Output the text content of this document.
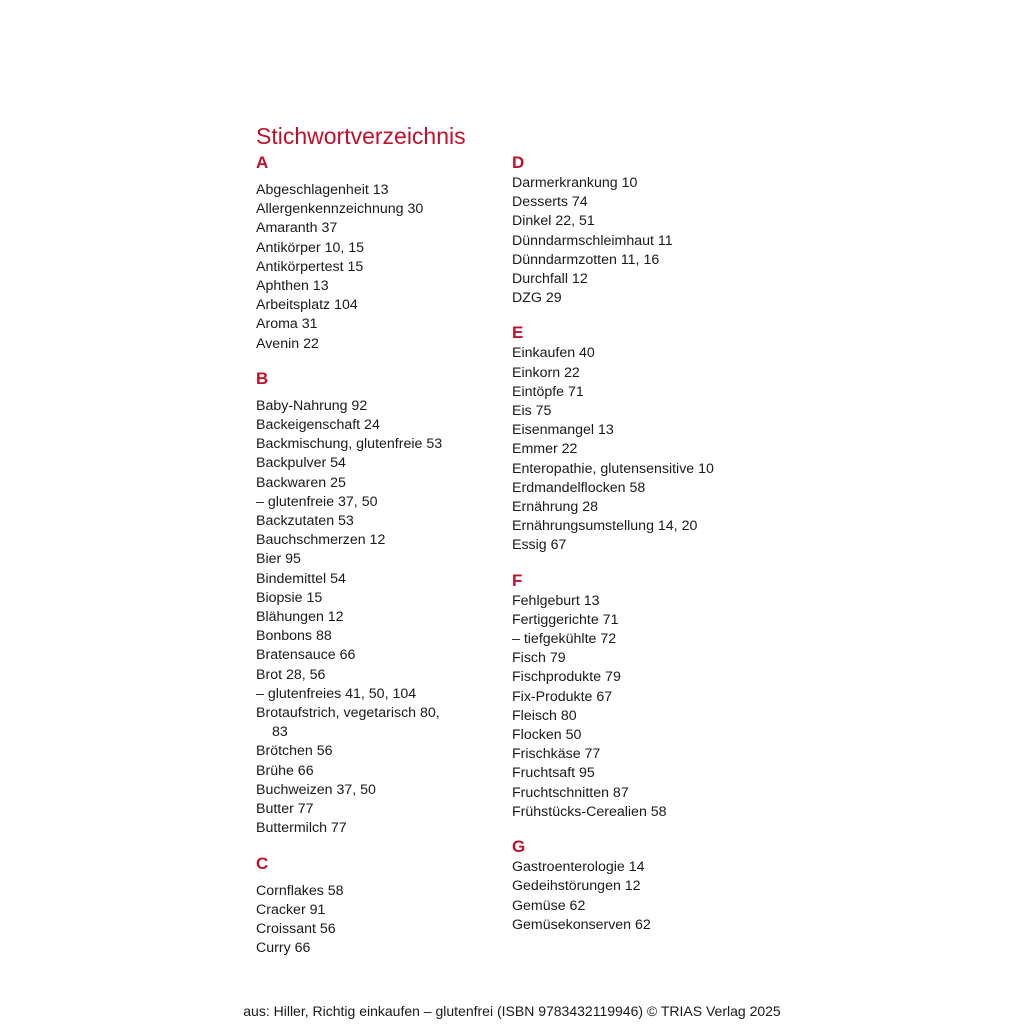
Stichwortverzeichnis
A
Abgeschlagenheit 13
Allergenkennzeichnung 30
Amaranth 37
Antikörper 10, 15
Antikörpertest 15
Aphthen 13
Arbeitsplatz 104
Aroma 31
Avenin 22
B
Baby-Nahrung 92
Backeigenschaft 24
Backmischung, glutenfreie 53
Backpulver 54
Backwaren 25
– glutenfreie 37, 50
Backzutaten 53
Bauchschmerzen 12
Bier 95
Bindemittel 54
Biopsie 15
Blähungen 12
Bonbons 88
Bratensauce 66
Brot 28, 56
– glutenfreies 41, 50, 104
Brotaufstrich, vegetarisch 80,
83
Brötchen 56
Brühe 66
Buchweizen 37, 50
Butter 77
Buttermilch 77
C
Cornflakes 58
Cracker 91
Croissant 56
Curry 66
D
Darmerkrankung 10
Desserts 74
Dinkel 22, 51
Dünndarmschleimhaut 11
Dünndarmzotten 11, 16
Durchfall 12
DZG 29
E
Einkaufen 40
Einkorn 22
Eintöpfe 71
Eis 75
Eisenmangel 13
Emmer 22
Enteropathie, glutensensitive 10
Erdmandelflocken 58
Ernährung 28
Ernährungsumstellung 14, 20
Essig 67
F
Fehlgeburt 13
Fertiggerichte 71
– tiefgekühlte 72
Fisch 79
Fischprodukte 79
Fix-Produkte 67
Fleisch 80
Flocken 50
Frischkäse 77
Fruchtsaft 95
Fruchtschnitten 87
Frühstücks-Cerealien 58
G
Gastroenterologie 14
Gedeihstörungen 12
Gemüse 62
Gemüsekonserven 62
aus: Hiller, Richtig einkaufen – glutenfrei (ISBN 9783432119946) © TRIAS Verlag 2025
